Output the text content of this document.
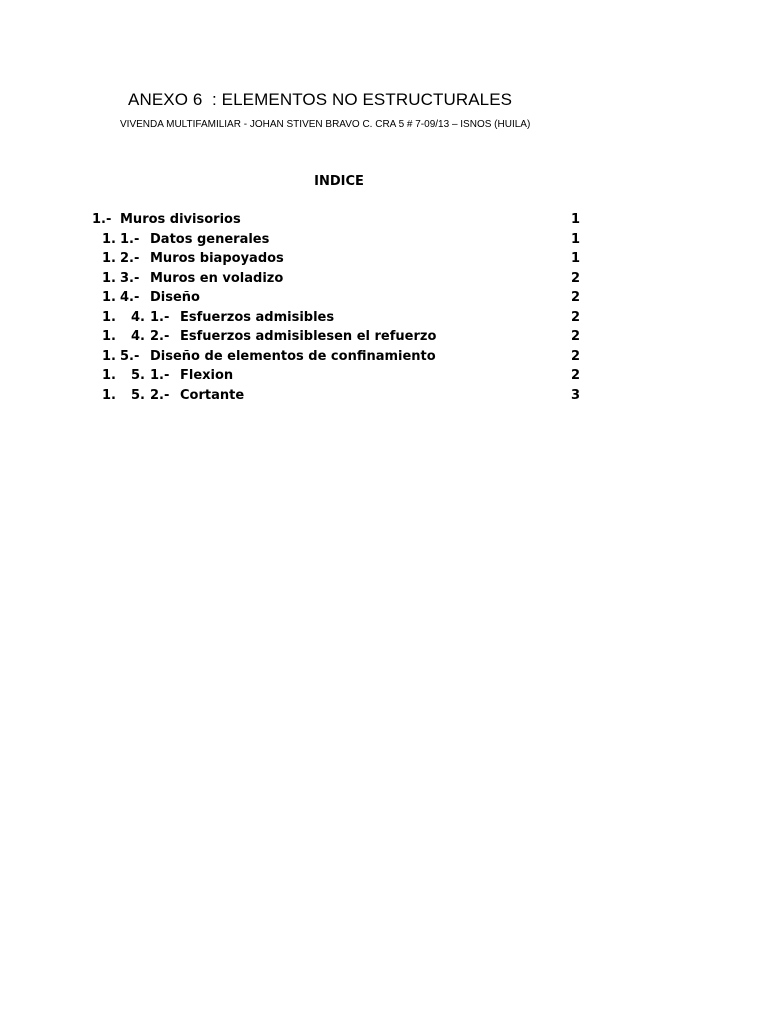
ANEXO 6  : ELEMENTOS NO ESTRUCTURALES

VIVENDA MULTIFAMILIAR - JOHAN STIVEN BRAVO C. CRA 5 # 7-09/13 – ISNOS (HUILA)

INDICE
1.- Muros divisorios	1
1. 1.- Datos generales	1
1. 2.- Muros biapoyados	1
1. 3.- Muros en voladizo	2
1. 4.- Diseño	2
1. 4. 1.- Esfuerzos admisibles	2
1. 4. 2.- Esfuerzos admisiblesen el refuerzo	2
1. 5.- Diseño de elementos de confinamiento	2
1. 5. 1.- Flexion	2
1. 5. 2.- Cortante	3
